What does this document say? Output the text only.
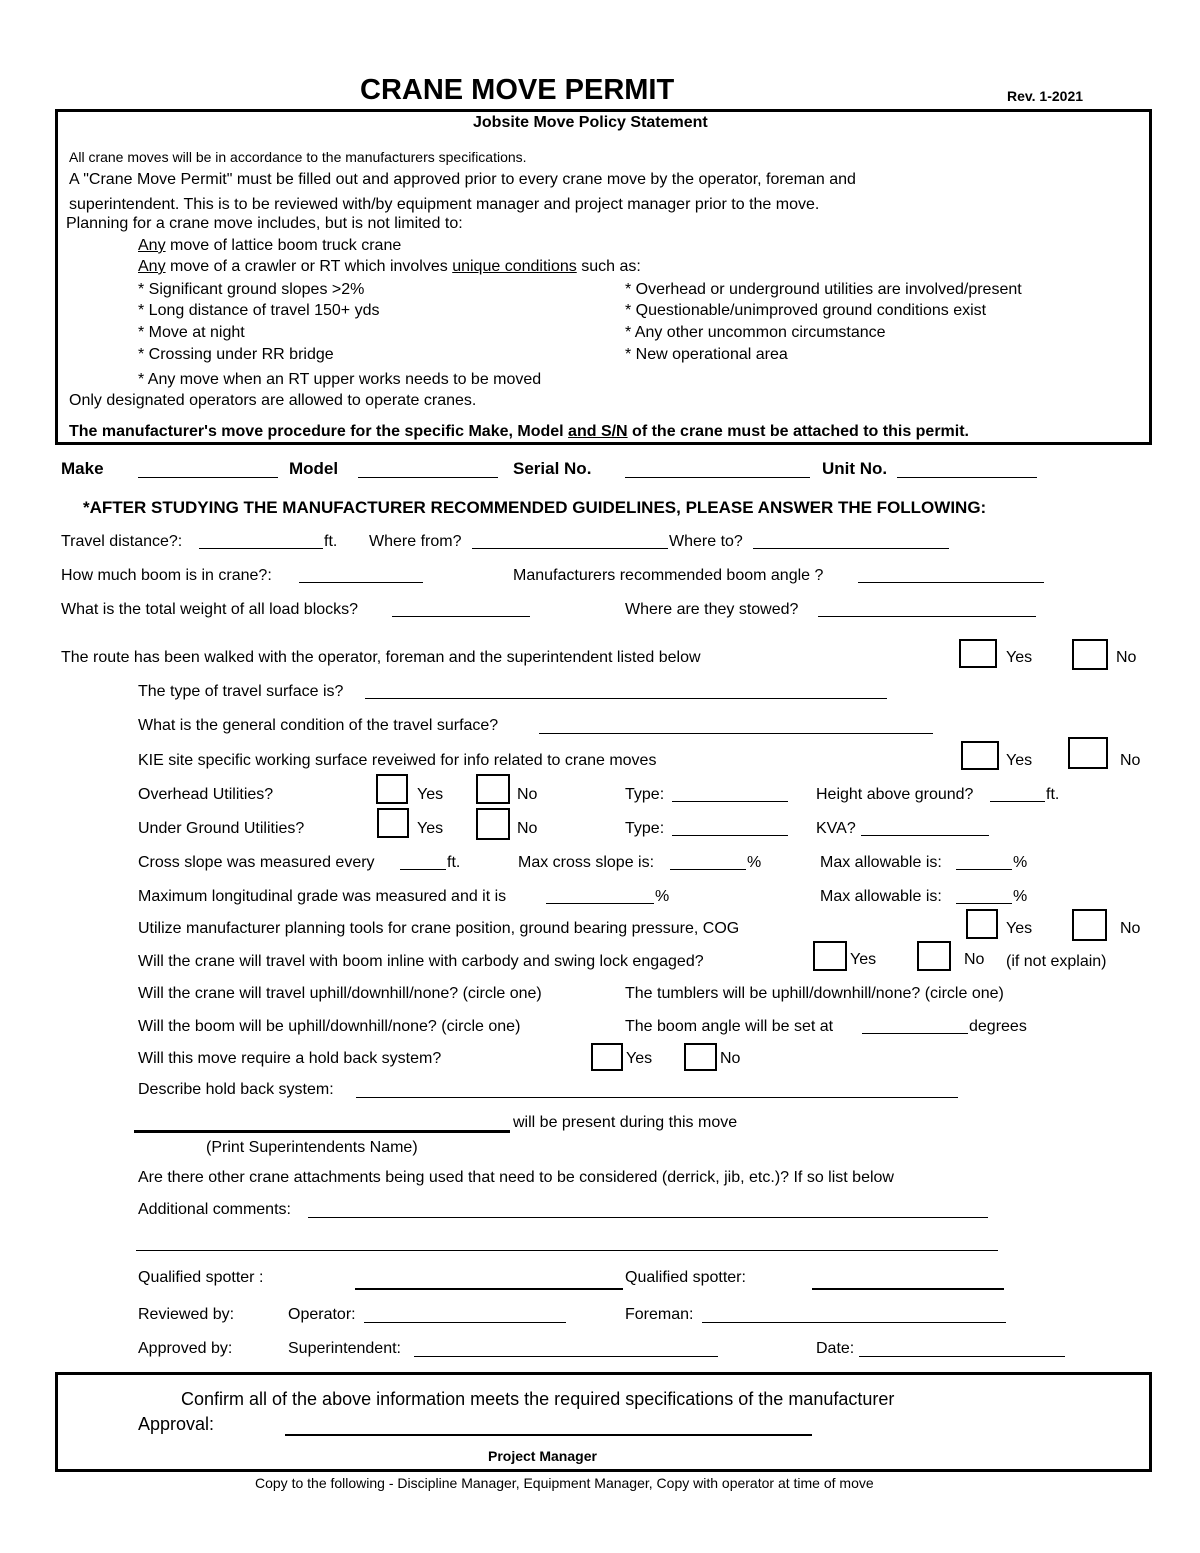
CRANE MOVE PERMIT	Rev. 1-2021
Jobsite Move Policy Statement
All crane moves will be in accordance to the manufacturers specifications.
A "Crane Move Permit" must be filled out and approved prior to every crane move by the operator, foreman and
superintendent. This is to be reviewed with/by equipment manager and project manager prior to the move.
Planning for a crane move includes, but is not limited to:
Any move of lattice boom truck crane
Any move of a crawler or RT which involves unique conditions such as:
* Significant ground slopes >2%
* Long distance of travel 150+ yds
* Move at night
* Crossing under RR bridge
* Overhead or underground utilities are involved/present
* Questionable/unimproved ground conditions exist
* Any other uncommon circumstance
* New operational area
* Any move when an RT upper works needs to be moved
Only designated operators are allowed to operate cranes.
The manufacturer's move procedure for the specific Make, Model and S/N of the crane must be attached to this permit.
Make	Model	Serial No.	Unit No.
*AFTER STUDYING THE MANUFACTURER RECOMMENDED GUIDELINES, PLEASE ANSWER THE FOLLOWING:
Travel distance?:	ft. Where from?	Where to?
How much boom is in crane?:	Manufacturers recommended boom angle ?
What is the total weight of all load blocks?	Where are they stowed?
The route has been walked with the operator, foreman and the superintendent listed below	Yes	No
The type of travel surface is?
What is the general condition of the travel surface?
KIE site specific working surface reveiwed for info related to crane moves	Yes	No
Overhead Utilities?	Yes	No	Type:	Height above ground?	ft.
Under Ground Utilities?	Yes	No	Type:	KVA?
Cross slope was measured every	ft.	Max cross slope is:	%	Max allowable is:	%
Maximum longitudinal grade was measured and it is	%	Max allowable is:	%
Utilize manufacturer planning tools for crane position, ground bearing pressure, COG	Yes	No
Will the crane will travel with boom inline with carbody and swing lock engaged?	Yes	No (if not explain)
Will the crane will travel uphill/downhill/none? (circle one)	The tumblers will be uphill/downhill/none? (circle one)
Will the boom will be uphill/downhill/none? (circle one)	The boom angle will be set at	degrees
Will this move require a hold back system?	Yes	No
Describe hold back system:
will be present during this move
(Print Superintendents Name)
Are there other crane attachments being used that need to be considered (derrick, jib, etc.)? If so list below
Additional comments:
Qualified spotter :	Qualified spotter:
Reviewed by:	Operator:	Foreman:
Approved by:	Superintendent:	Date:
Confirm all of the above information meets the required specifications of the manufacturer
Approval:
Project Manager
Copy to the following - Discipline Manager, Equipment Manager, Copy with operator at time of move
